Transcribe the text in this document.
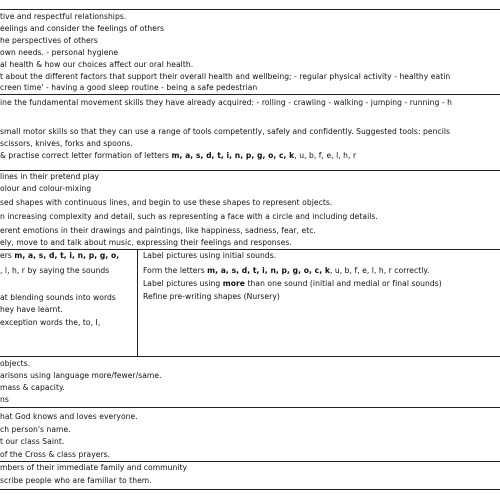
tive and respectful relationships.
eelings and consider the feelings of others
he perspectives of others
own needs. - personal hygiene
al health & how our choices affect our oral health.
t about the different factors that support their overall health and wellbeing; - regular physical activity - healthy eatin
creen time' - having a good sleep routine - being a safe pedestrian
ine the fundamental movement skills they have already acquired: - rolling - crawling - walking - jumping - running - h
small motor skills so that they can use a range of tools competently, safely and confidently. Suggested tools: pencils
scissors, knives, forks and spoons.
& practise correct letter formation of letters m, a, s, d, t, i, n, p, g, o, c, k, u, b, f, e, l, h, r
lines in their pretend play
olour and colour-mixing
sed shapes with continuous lines, and begin to use these shapes to represent objects.
n increasing complexity and detail, such as representing a face with a circle and including details.
erent emotions in their drawings and paintings, like happiness, sadness, fear, etc.
ely, move to and talk about music, expressing their feelings and responses.
ers m, a, s, d, t, i, n, p, g, o,
, l, h, r by saying the sounds
at blending sounds into words
hey have learnt.
exception words the, to, I,
Label pictures using initial sounds.
Form the letters m, a, s, d, t, i, n, p, g, o, c, k, u, b, f, e, l, h, r correctly.
Label pictures using more than one sound (initial and medial or final sounds)
Refine pre-writing shapes (Nursery)
objects.
arisons using language more/fewer/same.
mass & capacity.
ns
hat God knows and loves everyone.
ch person's name.
t our class Saint.
of the Cross & class prayers.
mbers of their immediate family and community
scribe people who are familiar to them.
